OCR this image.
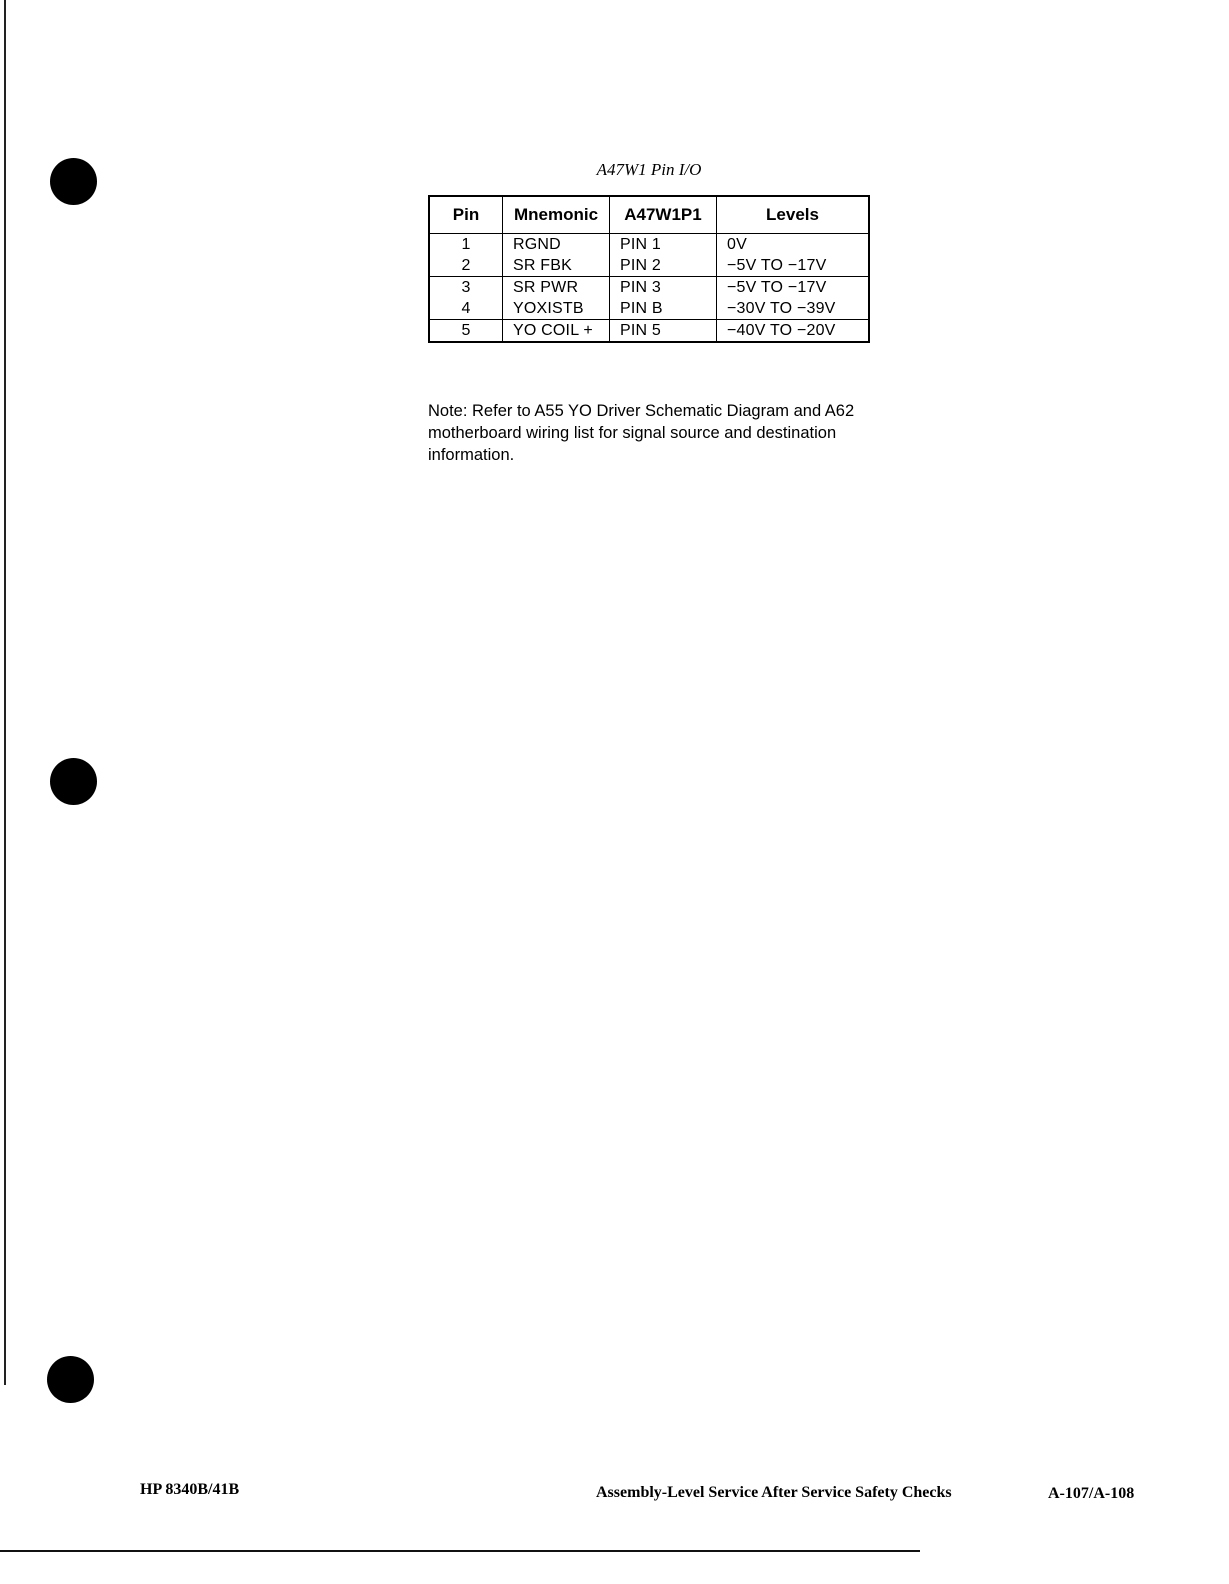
A47W1 Pin I/O
Pin	Mnemonic	A47W1P1	Levels
1	RGND	PIN 1	0V
2	SR FBK	PIN 2	−5V TO −17V
3	SR PWR	PIN 3	−5V TO −17V
4	YOXISTB	PIN B	−30V TO −39V
5	YO COIL +	PIN 5	−40V TO −20V
Note: Refer to A55 YO Driver Schematic Diagram and A62 motherboard wiring list for signal source and destination information.
HP 8340B/41B	Assembly-Level Service After Service Safety Checks	A-107/A-108
